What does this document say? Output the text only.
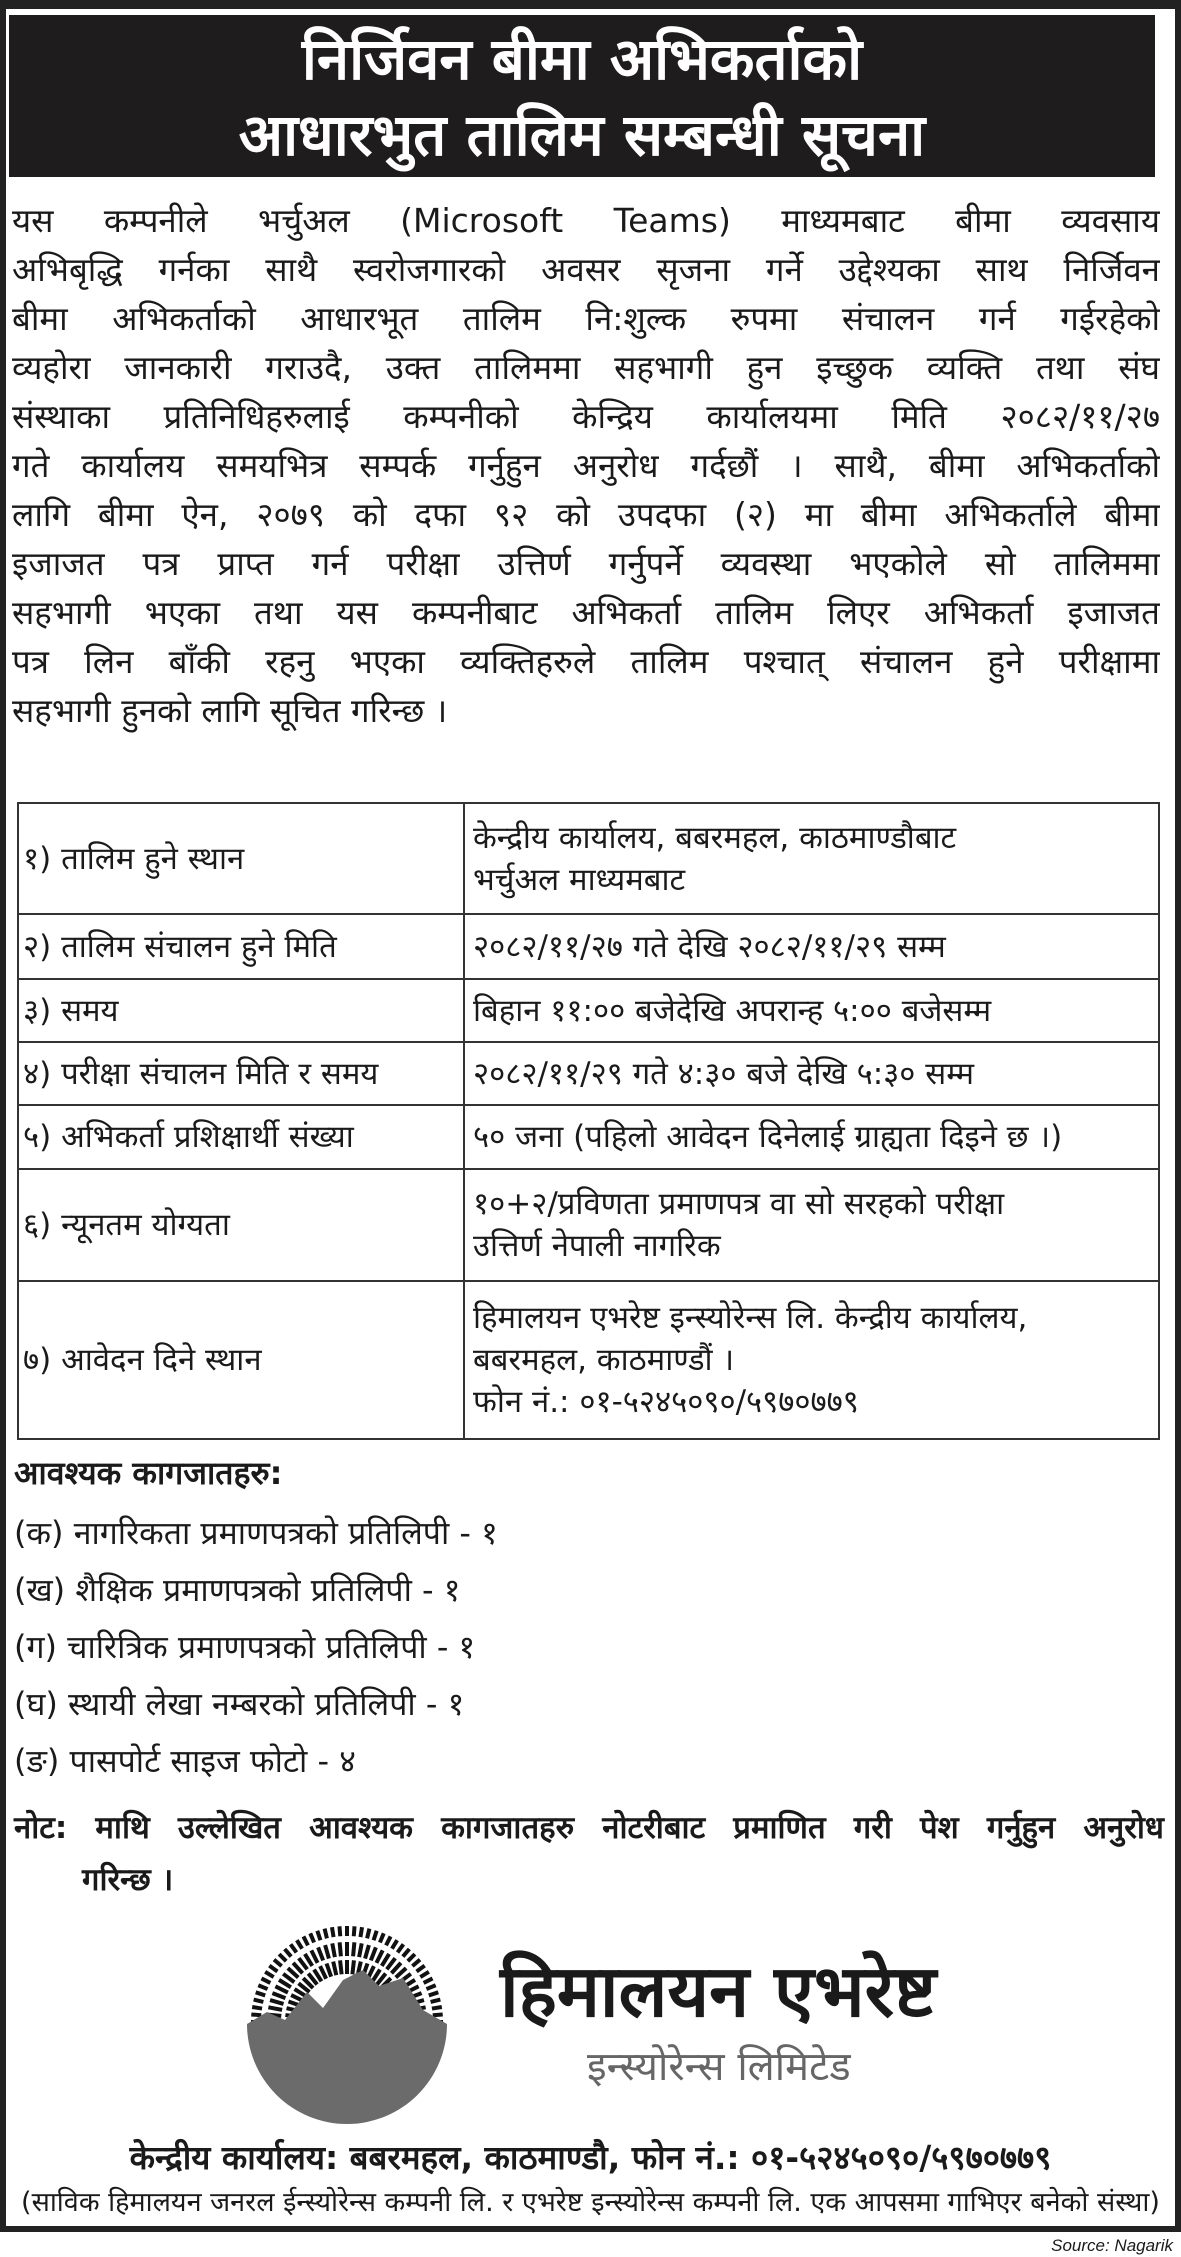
निर्जिवन बीमा अभिकर्ताको
आधारभुत तालिम सम्बन्धी सूचना
यस कम्पनीले भर्चुअल (Microsoft Teams) माध्यमबाट बीमा व्यवसाय
अभिबृद्धि गर्नका साथै स्वरोजगारको अवसर सृजना गर्ने उद्देश्यका साथ निर्जिवन
बीमा अभिकर्ताको आधारभूत तालिम नि:शुल्क रुपमा संचालन गर्न गईरहेको
व्यहोरा जानकारी गराउदै, उक्त तालिममा सहभागी हुन इच्छुक व्यक्ति तथा संघ
संस्थाका प्रतिनिधिहरुलाई कम्पनीको केन्द्रिय कार्यालयमा मिति २०८२/११/२७
गते कार्यालय समयभित्र सम्पर्क गर्नुहुन अनुरोध गर्दछौं । साथै, बीमा अभिकर्ताको
लागि बीमा ऐन, २०७९ को दफा ९२ को उपदफा (२) मा बीमा अभिकर्ताले बीमा
इजाजत पत्र प्राप्त गर्न परीक्षा उत्तिर्ण गर्नुपर्ने व्यवस्था भएकोले सो तालिममा
सहभागी भएका तथा यस कम्पनीबाट अभिकर्ता तालिम लिएर अभिकर्ता इजाजत
पत्र लिन बाँकी रहनु भएका व्यक्तिहरुले तालिम पश्चात् संचालन हुने परीक्षामा
सहभागी हुनको लागि सूचित गरिन्छ ।
१) तालिम हुने स्थान	केन्द्रीय कार्यालय, बबरमहल, काठमाण्डौबाट
भर्चुअल माध्यमबाट

२) तालिम संचालन हुने मिति	२०८२/११/२७ गते देखि २०८२/११/२९ सम्म
३) समय	बिहान ११:०० बजेदेखि अपरान्ह ५:०० बजेसम्म
४) परीक्षा संचालन मिति र समय	२०८२/११/२९ गते ४:३० बजे देखि ५:३० सम्म
५) अभिकर्ता प्रशिक्षार्थी संख्या	५० जना (पहिलो आवेदन दिनेलाई ग्राह्यता दिइने छ ।)
६) न्यूनतम योग्यता	१०+२/प्रविणता प्रमाणपत्र वा सो सरहको परीक्षा
उत्तिर्ण नेपाली नागरिक

७) आवेदन दिने स्थान	हिमालयन एभरेष्ट इन्स्योरेन्स लि. केन्द्रीय कार्यालय,
बबरमहल, काठमाण्डौं ।
फोन नं.: ०१-५२४५०९०/५९७०७७९
आवश्यक कागजातहरु:
(क) नागरिकता प्रमाणपत्रको प्रतिलिपी - १
(ख) शैक्षिक प्रमाणपत्रको प्रतिलिपी - १
(ग) चारित्रिक प्रमाणपत्रको प्रतिलिपी - १
(घ) स्थायी लेखा नम्बरको प्रतिलिपी - १
(ङ) पासपोर्ट साइज फोटो - ४
नोट: माथि उल्लेखित आवश्यक कागजातहरु नोटरीबाट प्रमाणित गरी पेश गर्नुहुन अनुरोध
गरिन्छ ।
हिमालयन एभरेष्ट
इन्स्योरेन्स लिमिटेड
केन्द्रीय कार्यालय: बबरमहल, काठमाण्डौ, फोन नं.: ०१-५२४५०९०/५९७०७७९
(साविक हिमालयन जनरल ईन्स्योरेन्स कम्पनी लि. र एभरेष्ट इन्स्योरेन्स कम्पनी लि. एक आपसमा गाभिएर बनेको संस्था)
Source: Nagarik
